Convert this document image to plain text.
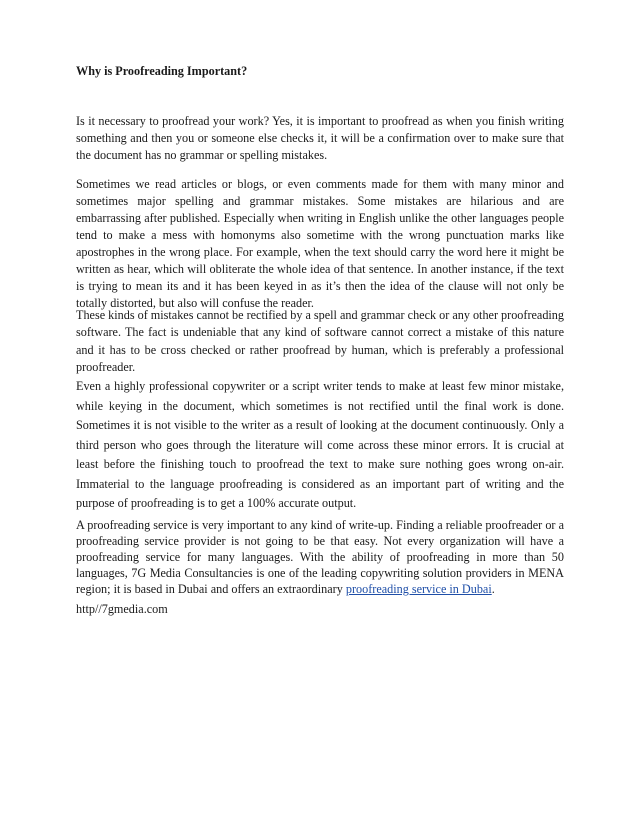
Why is Proofreading Important?

Is it necessary to proofread your work? Yes, it is important to proofread as when you finish writing something and then you or someone else checks it, it will be a confirmation over to make sure that the document has no grammar or spelling mistakes.

Sometimes we read articles or blogs, or even comments made for them with many minor and sometimes major spelling and grammar mistakes. Some mistakes are hilarious and are embarrassing after published. Especially when writing in English unlike the other languages people tend to make a mess with homonyms also sometime with the wrong punctuation marks like apostrophes in the wrong place. For example, when the text should carry the word here it might be written as hear, which will obliterate the whole idea of that sentence. In another instance, if the text is trying to mean its and it has been keyed in as it’s then the idea of the clause will not only be totally distorted, but also will confuse the reader.

These kinds of mistakes cannot be rectified by a spell and grammar check or any other proofreading software. The fact is undeniable that any kind of software cannot correct a mistake of this nature and it has to be cross checked or rather proofread by human, which is preferably a professional proofreader.

Even a highly professional copywriter or a script writer tends to make at least few minor mistake, while keying in the document, which sometimes is not rectified until the final work is done. Sometimes it is not visible to the writer as a result of looking at the document continuously. Only a third person who goes through the literature will come across these minor errors. It is crucial at least before the finishing touch to proofread the text to make sure nothing goes wrong on-air. Immaterial to the language proofreading is considered as an important part of writing and the purpose of proofreading is to get a 100% accurate output.

A proofreading service is very important to any kind of write-up. Finding a reliable proofreader or a proofreading service provider is not going to be that easy. Not every organization will have a proofreading service for many languages. With the ability of proofreading in more than 50 languages, 7G Media Consultancies is one of the leading copywriting solution providers in MENA region; it is based in Dubai and offers an extraordinary proofreading service in Dubai.

http//7gmedia.com
